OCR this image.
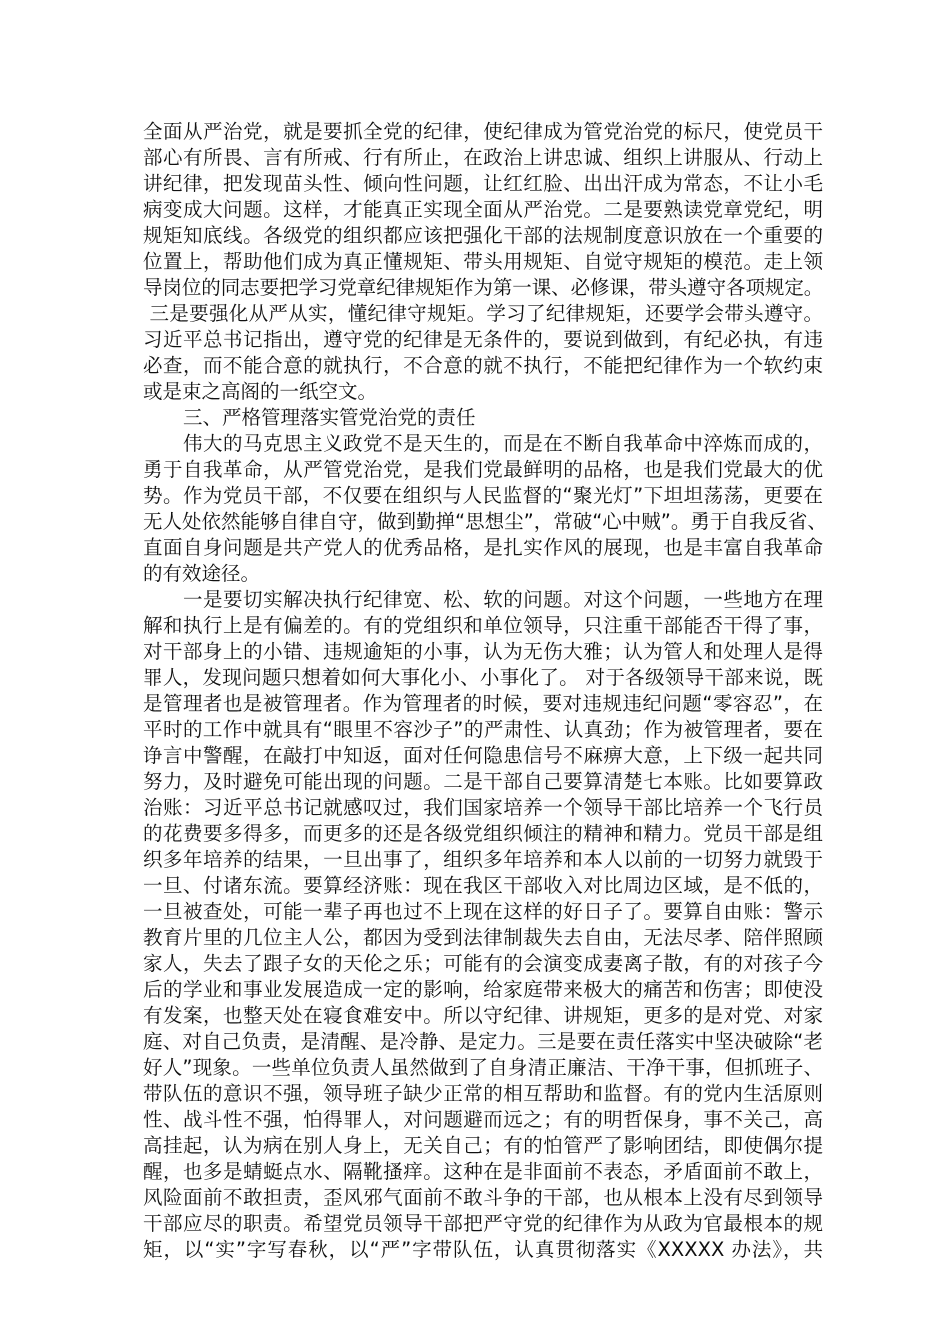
全面从严治党，就是要抓全党的纪律，使纪律成为管党治党的标尺，使党员干
部心有所畏、言有所戒、行有所止，在政治上讲忠诚、组织上讲服从、行动上
讲纪律，把发现苗头性、倾向性问题，让红红脸、出出汗成为常态，不让小毛
病变成大问题。这样，才能真正实现全面从严治党。二是要熟读党章党纪，明
规矩知底线。各级党的组织都应该把强化干部的法规制度意识放在一个重要的
位置上，帮助他们成为真正懂规矩、带头用规矩、自觉守规矩的模范。走上领
导岗位的同志要把学习党章纪律规矩作为第一课、必修课，带头遵守各项规定。
三是要强化从严从实，懂纪律守规矩。学习了纪律规矩，还要学会带头遵守。
习近平总书记指出，遵守党的纪律是无条件的，要说到做到，有纪必执，有违
必查，而不能合意的就执行，不合意的就不执行，不能把纪律作为一个软约束
或是束之高阁的一纸空文。
三、严格管理落实管党治党的责任
伟大的马克思主义政党不是天生的，而是在不断自我革命中淬炼而成的，
勇于自我革命，从严管党治党，是我们党最鲜明的品格，也是我们党最大的优
势。作为党员干部，不仅要在组织与人民监督的“聚光灯”下坦坦荡荡，更要在
无人处依然能够自律自守，做到勤掸“思想尘”，常破“心中贼”。勇于自我反省、
直面自身问题是共产党人的优秀品格，是扎实作风的展现，也是丰富自我革命
的有效途径。
一是要切实解决执行纪律宽、松、软的问题。对这个问题，一些地方在理
解和执行上是有偏差的。有的党组织和单位领导，只注重干部能否干得了事，
对干部身上的小错、违规逾矩的小事，认为无伤大雅；认为管人和处理人是得
罪人，发现问题只想着如何大事化小、小事化了。 对于各级领导干部来说，既
是管理者也是被管理者。作为管理者的时候，要对违规违纪问题“零容忍”，在
平时的工作中就具有“眼里不容沙子”的严肃性、认真劲；作为被管理者，要在
诤言中警醒，在敲打中知返，面对任何隐患信号不麻痹大意，上下级一起共同
努力，及时避免可能出现的问题。二是干部自己要算清楚七本账。比如要算政
治账：习近平总书记就感叹过，我们国家培养一个领导干部比培养一个飞行员
的花费要多得多，而更多的还是各级党组织倾注的精神和精力。党员干部是组
织多年培养的结果，一旦出事了，组织多年培养和本人以前的一切努力就毁于
一旦、付诸东流。要算经济账：现在我区干部收入对比周边区域，是不低的，
一旦被查处，可能一辈子再也过不上现在这样的好日子了。要算自由账：警示
教育片里的几位主人公，都因为受到法律制裁失去自由，无法尽孝、陪伴照顾
家人，失去了跟子女的天伦之乐；可能有的会演变成妻离子散，有的对孩子今
后的学业和事业发展造成一定的影响，给家庭带来极大的痛苦和伤害；即使没
有发案，也整天处在寝食难安中。所以守纪律、讲规矩，更多的是对党、对家
庭、对自己负责，是清醒、是冷静、是定力。三是要在责任落实中坚决破除“老
好人”现象。一些单位负责人虽然做到了自身清正廉洁、干净干事，但抓班子、
带队伍的意识不强，领导班子缺少正常的相互帮助和监督。有的党内生活原则
性、战斗性不强，怕得罪人，对问题避而远之；有的明哲保身，事不关己，高
高挂起，认为病在别人身上，无关自己；有的怕管严了影响团结，即使偶尔提
醒，也多是蜻蜓点水、隔靴搔痒。这种在是非面前不表态，矛盾面前不敢上，
风险面前不敢担责，歪风邪气面前不敢斗争的干部，也从根本上没有尽到领导
干部应尽的职责。希望党员领导干部把严守党的纪律作为从政为官最根本的规
矩，以“实”字写春秋，以“严”字带队伍，认真贯彻落实《XXXXX 办法》，共
